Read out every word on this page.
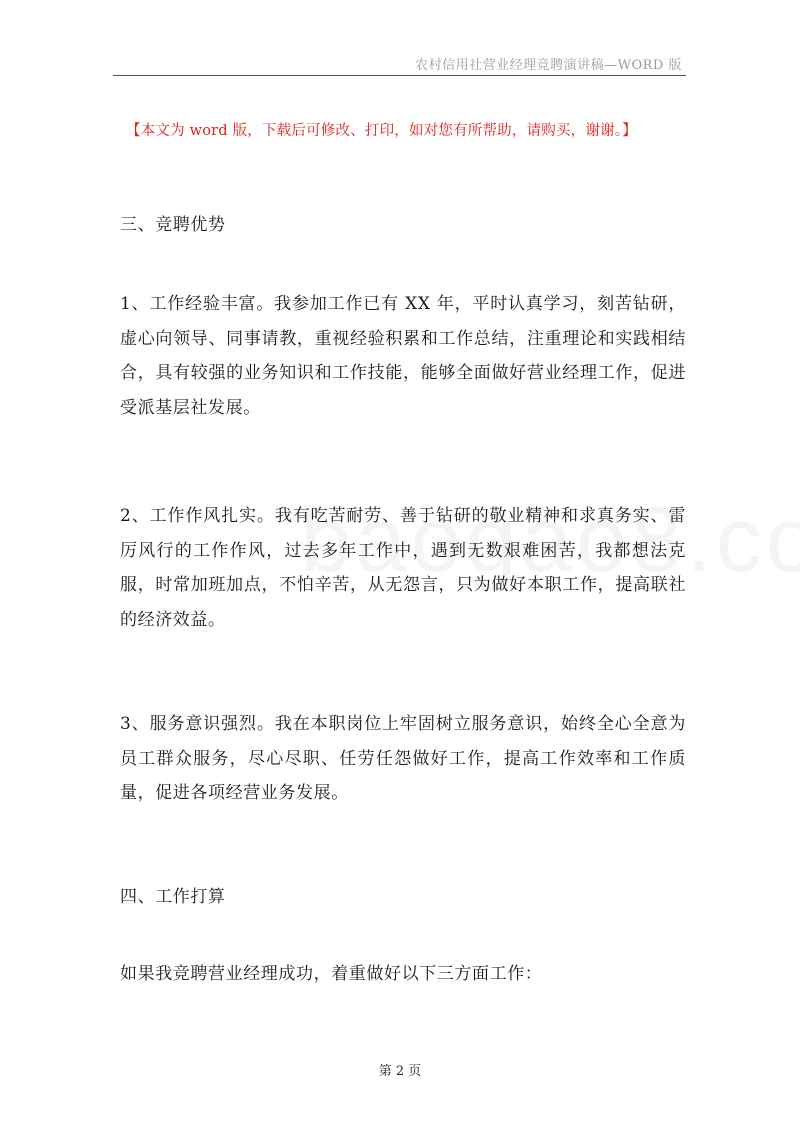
农村信用社营业经理竞聘演讲稿—WORD 版
【本文为 word 版，下载后可修改、打印，如对您有所帮助，请购买，谢谢。】
三、竞聘优势

1、工作经验丰富。我参加工作已有 XX 年，平时认真学习，刻苦钻研，虚心向领导、同事请教，重视经验积累和工作总结，注重理论和实践相结合，具有较强的业务知识和工作技能，能够全面做好营业经理工作，促进受派基层社发展。

2、工作作风扎实。我有吃苦耐劳、善于钻研的敬业精神和求真务实、雷厉风行的工作作风，过去多年工作中，遇到无数艰难困苦，我都想法克服，时常加班加点，不怕辛苦，从无怨言，只为做好本职工作，提高联社的经济效益。

3、服务意识强烈。我在本职岗位上牢固树立服务意识，始终全心全意为员工群众服务，尽心尽职、任劳任怨做好工作，提高工作效率和工作质量，促进各项经营业务发展。

四、工作打算

如果我竞聘营业经理成功，着重做好以下三方面工作：

第 2 页
